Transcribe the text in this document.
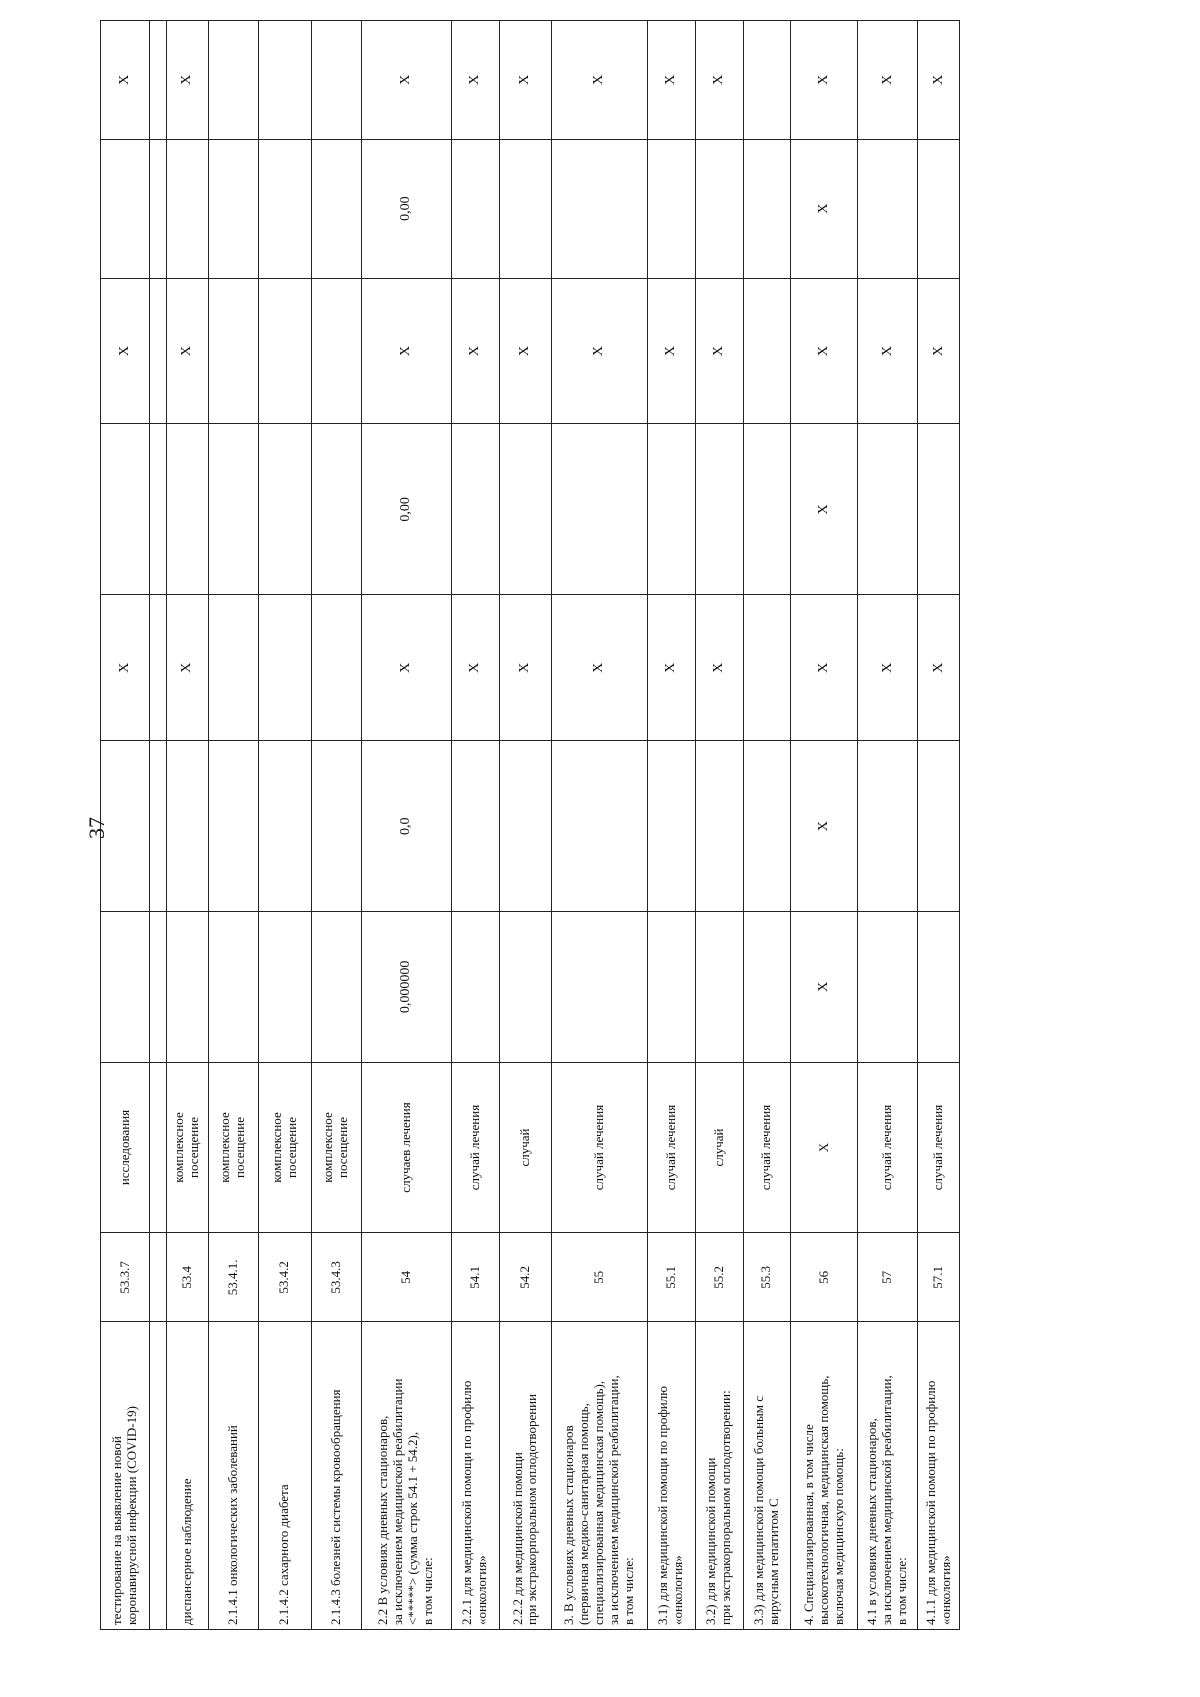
37
тестирование на выявление новой
коронавирусной инфекции (COVID-19)	53.3.7	исследования			X		X		X

диспансерное наблюдение	53.4	комплексное
посещение			X		X		X
2.1.4.1 онкологических заболеваний	53.4.1.	комплексное
посещение							
2.1.4.2 сахарного диабета	53.4.2	комплексное
посещение							
2.1.4.3 болезней системы кровообращения	53.4.3	комплексное
посещение							
2.2 В условиях дневных стационаров,
за исключением медицинской реабилитации
<*****> (сумма строк 54.1 + 54.2),
в том числе:	54	случаев лечения	0,000000	0,0	X	0,00	X	0,00	X
2.2.1 для медицинской помощи по профилю
«онкология»	54.1	случай лечения			X		X		X
2.2.2 для медицинской помощи
при экстракорпоральном оплодотворении	54.2	случай			X		X		X
3. В условиях дневных стационаров
(первичная медико-санитарная помощь,
специализированная медицинская помощь),
за исключением медицинской реабилитации,
в том числе:	55	случай лечения			X		X		X
3.1) для медицинской помощи по профилю
«онкология»	55.1	случай лечения			X		X		X
3.2) для медицинской помощи
при экстракорпоральном оплодотворении:	55.2	случай			X		X		X
3.3) для медицинской помощи больным с
вирусным гепатитом С	55.3	случай лечения							
4. Специализированная, в том числе
высокотехнологичная, медицинская помощь,
включая медицинскую помощь:	56	X	X	X	X	X	X	X	X
4.1 в условиях дневных стационаров,
за исключением медицинской реабилитации,
в том числе:	57	случай лечения			X		X		X
4.1.1 для медицинской помощи по профилю
«онкология»	57.1	случай лечения			X		X		X
